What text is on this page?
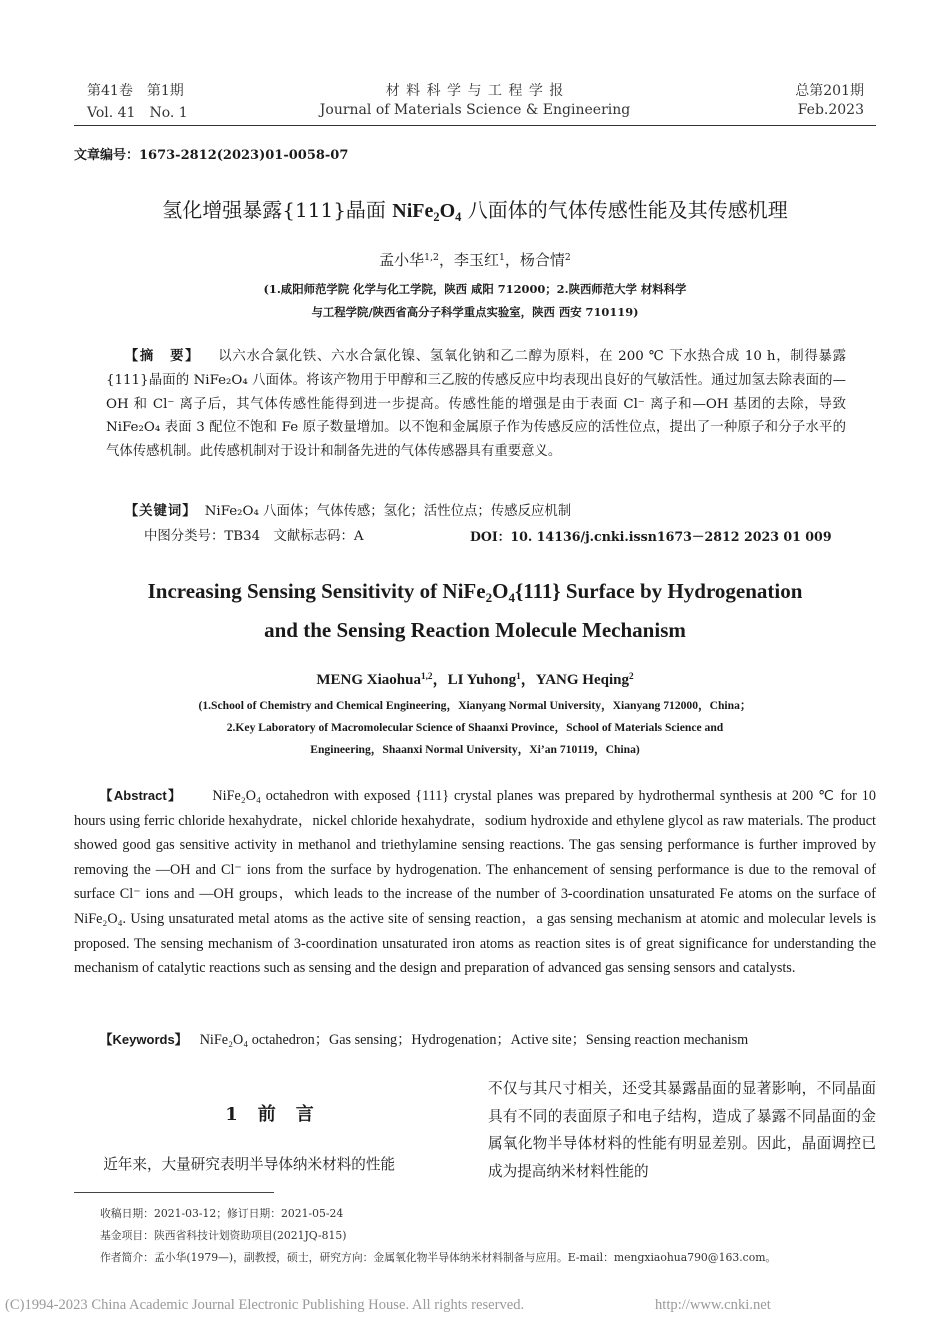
第41卷　第1期
Vol. 41　No. 1
材 料 科 学 与 工 程 学 报
Journal of Materials Science & Engineering
总第201期
Feb.2023
文章编号：1673-2812(2023)01-0058-07
氢化增强暴露{111}晶面 $NiFe_2O_4$ 八面体的气体传感性能及其传感机理
孟小华$^{1,2}$，李玉红$^1$，杨合情$^2$
(1.咸阳师范学院 化学与化工学院，陕西 咸阳 712000；2.陕西师范大学 材料科学
与工程学院/陕西省高分子科学重点实验室，陕西 西安 710119)
【摘　要】 以六水合氯化铁、六水合氯化镍、氢氧化钠和乙二醇为原料，在 200 ℃ 下水热合成 10 h，制得暴露{111}晶面的 NiFe₂O₄ 八面体。将该产物用于甲醇和三乙胺的传感反应中均表现出良好的气敏活性。通过加氢去除表面的—OH 和 Cl⁻ 离子后，其气体传感性能得到进一步提高。传感性能的增强是由于表面 Cl⁻ 离子和—OH 基团的去除，导致 NiFe₂O₄ 表面 3 配位不饱和 Fe 原子数量增加。以不饱和金属原子作为传感反应的活性位点，提出了一种原子和分子水平的气体传感机制。此传感机制对于设计和制备先进的气体传感器具有重要意义。
【关键词】 NiFe₂O₄ 八面体；气体传感；氢化；活性位点；传感反应机制
中图分类号：TB34　文献标志码：A	DOI：10. 14136/j.cnki.issn1673－2812 2023 01 009
Increasing Sensing Sensitivity of $NiFe_2O_4\{111\}$ Surface by Hydrogenation
and the Sensing Reaction Molecule Mechanism
MENG Xiaohua$^{1,2}$，LI Yuhong$^1$，YANG Heqing$^2$
(1.School of Chemistry and Chemical Engineering，Xianyang Normal University，Xianyang 712000，China；
2.Key Laboratory of Macromolecular Science of Shaanxi Province，School of Materials Science and
Engineering，Shaanxi Normal University，Xi’an 710119，China)
【Abstract】 NiFe₂O₄ octahedron with exposed {111} crystal planes was prepared by hydrothermal synthesis at 200 ℃ for 10 hours using ferric chloride hexahydrate，nickel chloride hexahydrate，sodium hydroxide and ethylene glycol as raw materials. The product showed good gas sensitive activity in methanol and triethylamine sensing reactions. The gas sensing performance is further improved by removing the —OH and Cl⁻ ions from the surface by hydrogenation. The enhancement of sensing performance is due to the removal of surface Cl⁻ ions and —OH groups，which leads to the increase of the number of 3-coordination unsaturated Fe atoms on the surface of NiFe₂O₄. Using unsaturated metal atoms as the active site of sensing reaction，a gas sensing mechanism at atomic and molecular levels is proposed. The sensing mechanism of 3-coordination unsaturated iron atoms as reaction sites is of great significance for understanding the mechanism of catalytic reactions such as sensing and the design and preparation of advanced gas sensing sensors and catalysts.
【Keywords】 NiFe₂O₄ octahedron；Gas sensing；Hydrogenation；Active site；Sensing reaction mechanism
1　前　言
近年来，大量研究表明半导体纳米材料的性能
不仅与其尺寸相关，还受其暴露晶面的显著影响，不同晶面具有不同的表面原子和电子结构，造成了暴露不同晶面的金属氧化物半导体材料的性能有明显差别。因此，晶面调控已成为提高纳米材料性能的
收稿日期：2021-03-12；修订日期：2021-05-24
基金项目：陕西省科技计划资助项目(2021JQ-815)
作者简介：孟小华(1979—)，副教授，硕士，研究方向：金属氧化物半导体纳米材料制备与应用。E-mail：mengxiaohua790@163.com。
(C)1994-2023 China Academic Journal Electronic Publishing House. All rights reserved.	http://www.cnki.net
